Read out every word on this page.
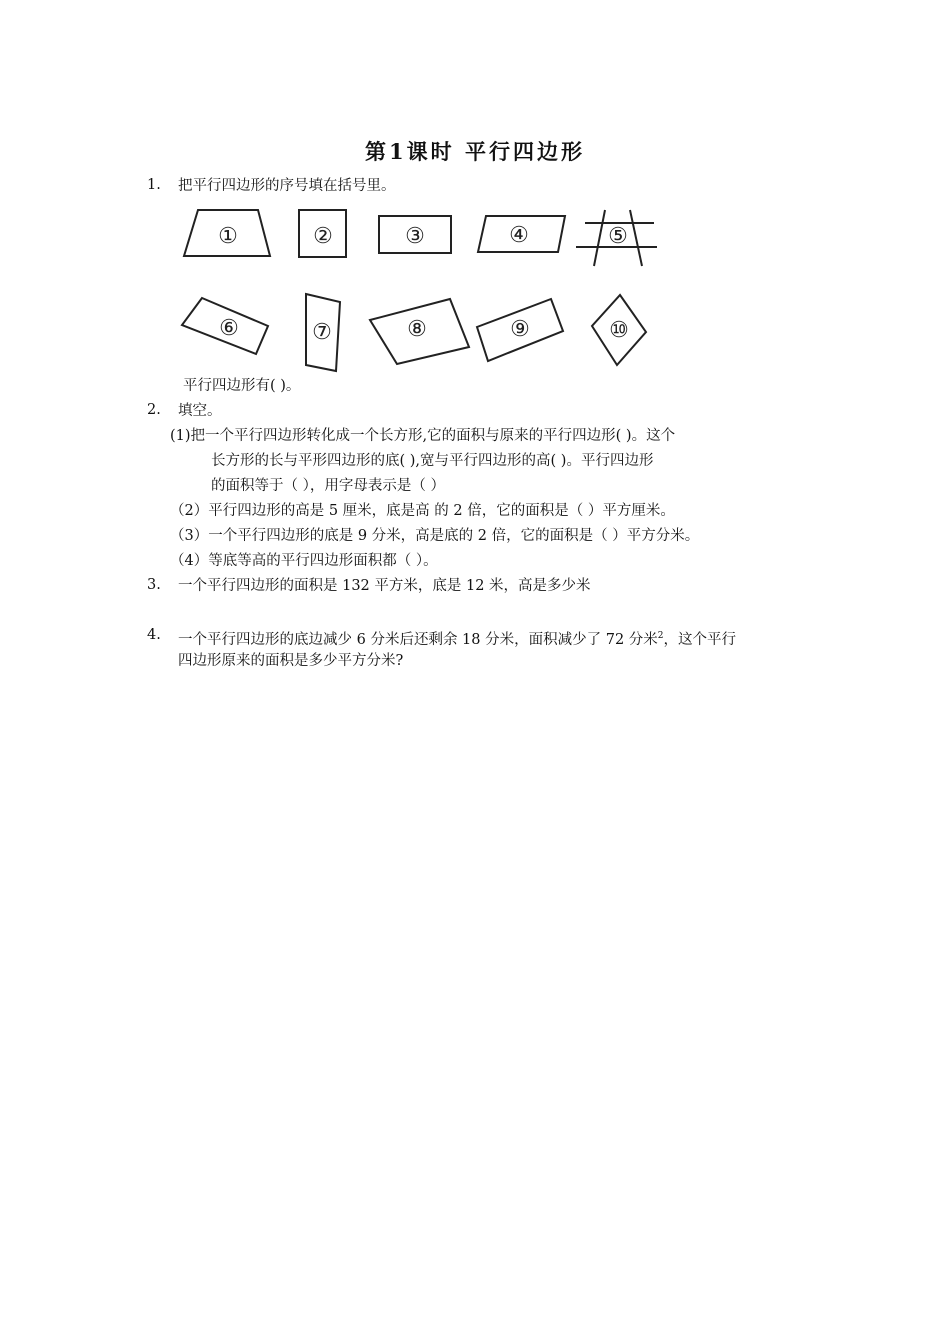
第1课时 平行四边形
1. 把平行四边形的序号填在括号里。
①	②	③	④	⑤
⑥	⑦	⑧	⑨	⑩
平行四边形有( )。
2. 填空。
(1)把一个平行四边形转化成一个长方形,它的面积与原来的平行四边形( )。这个
长方形的长与平形四边形的底( ),宽与平行四边形的高( )。平行四边形
的面积等于（ ），用字母表示是（ ）
（2）平行四边形的高是 5 厘米，底是高 的 2 倍，它的面积是（ ）平方厘米。
（3）一个平行四边形的底是 9 分米，高是底的 2 倍，它的面积是（ ）平方分米。
（4）等底等高的平行四边形面积都（ ）。
3. 一个平行四边形的面积是 132 平方米，底是 12 米，高是多少米
4. 一个平行四边形的底边减少 6 分米后还剩余 18 分米，面积减少了 72 分米$^2$，这个平行
四边形原来的面积是多少平方分米?
